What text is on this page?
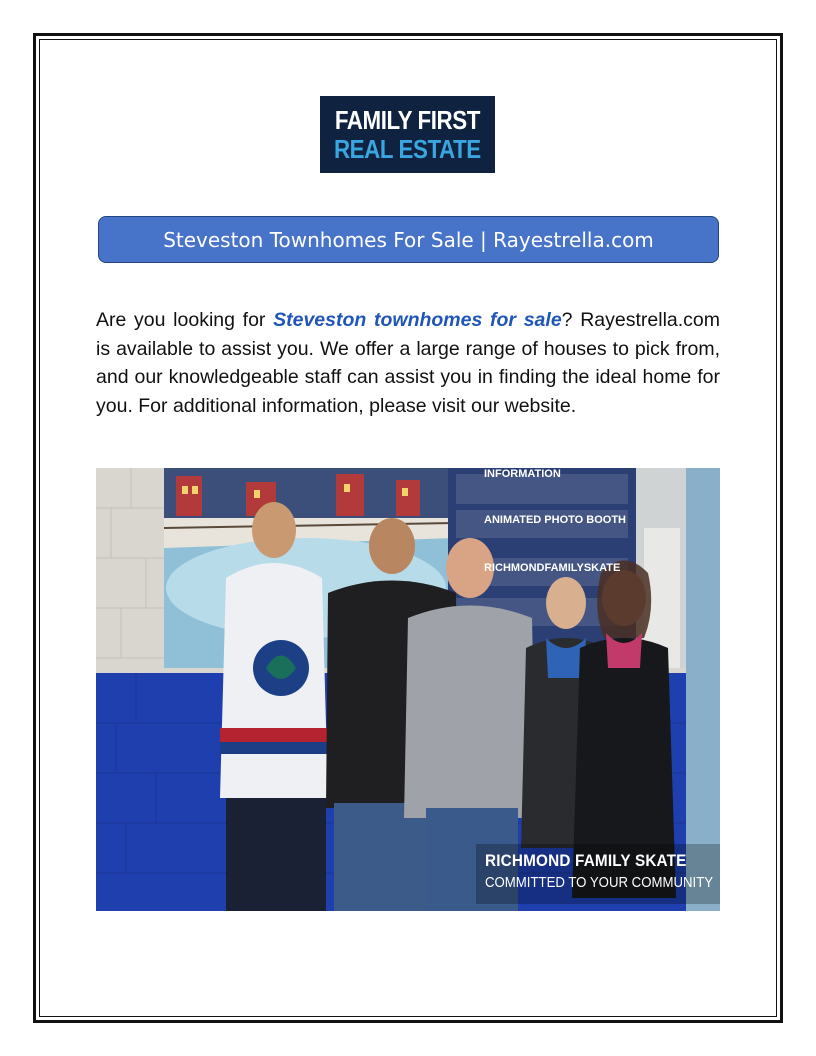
FAMILY FIRST
REAL ESTATE
Steveston Townhomes For Sale | Rayestrella.com

Are you looking for Steveston townhomes for sale? Rayestrella.com is available to assist you. We offer a large range of houses to pick from, and our knowledgeable staff can assist you in finding the ideal home for you. For additional information, please visit our website.

INFORMATION
ANIMATED PHOTO BOOTH
RICHMONDFAMILYSKATE
RICHMOND FAMILY SKATE
COMMITTED TO YOUR COMMUNITY
